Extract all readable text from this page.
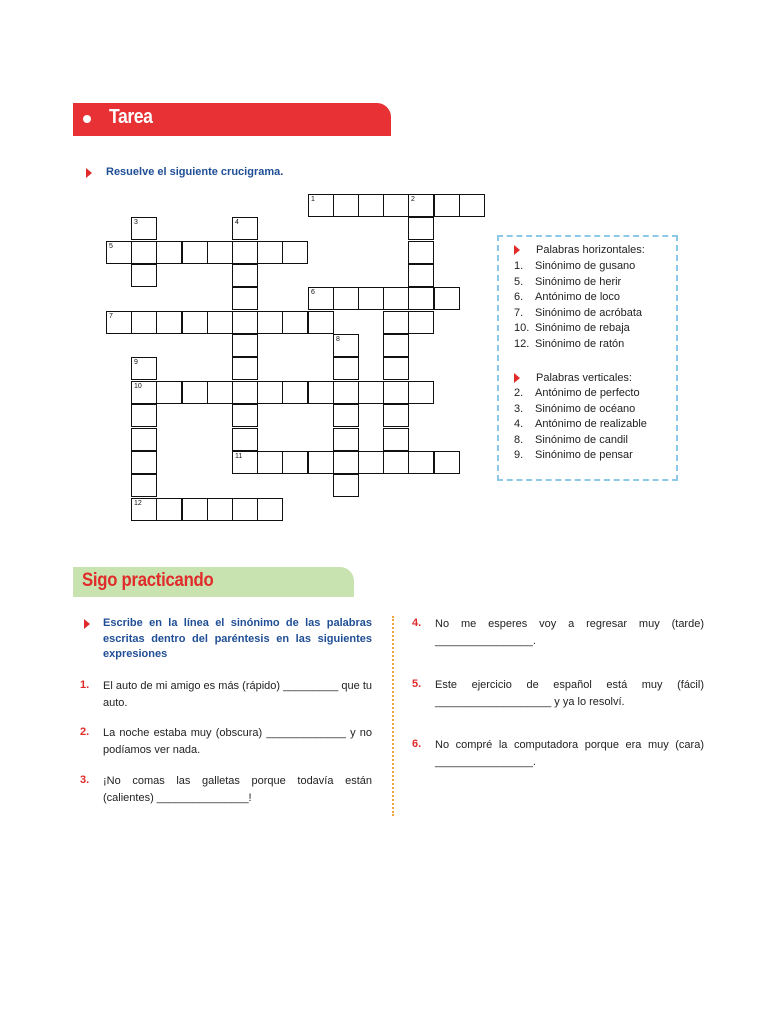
Tarea
Resuelve el siguiente crucigrama.
1	2
3	4
5
6
7
8
9
10
11
12
Palabras horizontales:
1. Sinónimo de gusano
5. Sinónimo de herir
6. Antónimo de loco
7. Sinónimo de acróbata
10. Sinónimo de rebaja
12. Sinónimo de ratón
Palabras verticales:
2. Antónimo de perfecto
3. Sinónimo de océano
4. Antónimo de realizable
8. Sinónimo de candil
9. Sinónimo de pensar
Sigo practicando
Escribe en la línea el sinónimo de las palabras escritas dentro del paréntesis en las siguientes expresiones
1. El auto de mi amigo es más (rápido) _________ que tu auto.
2. La noche estaba muy (obscura) _____________ y no podíamos ver nada.
3. ¡No comas las galletas porque todavía están (calientes) _______________!
4. No me esperes voy a regresar muy (tarde) ________________.
5. Este ejercicio de español está muy (fácil) ___________________ y ya lo resolví.
6. No compré la computadora porque era muy (cara) ________________.
